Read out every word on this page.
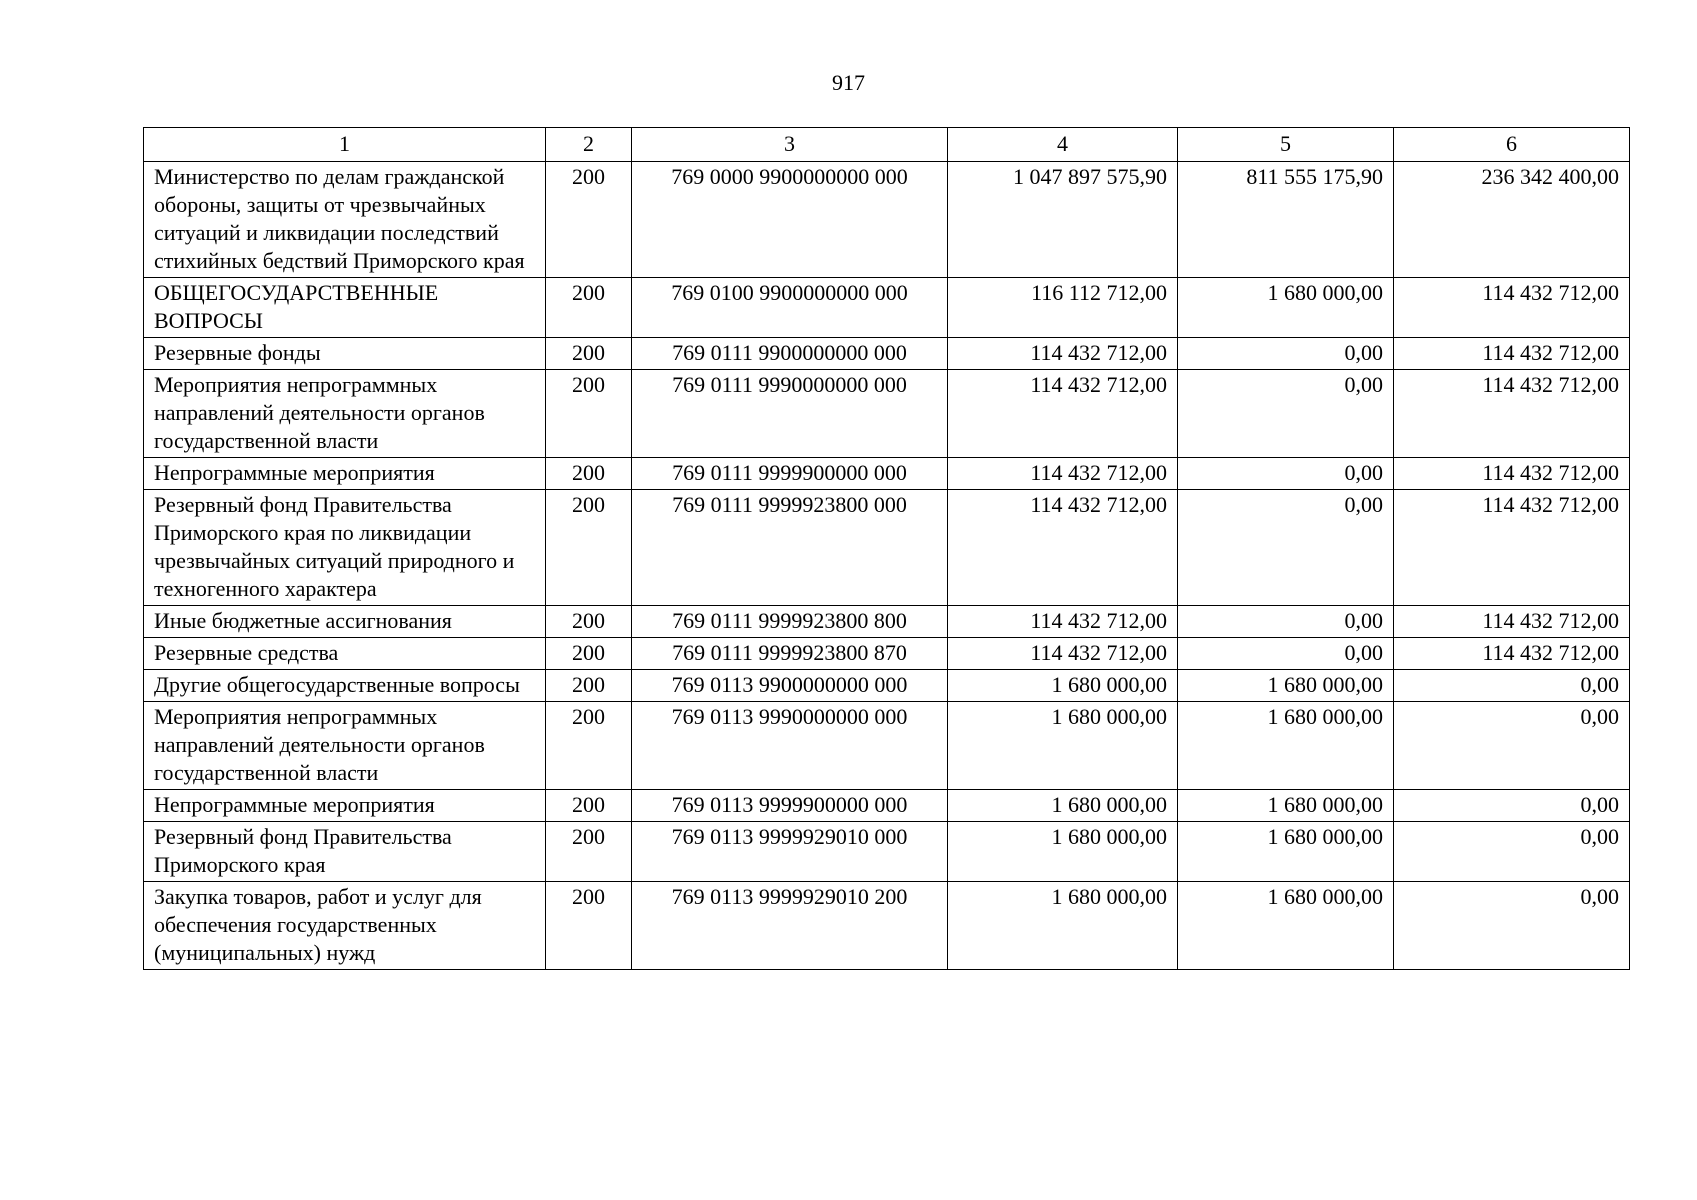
917
1	2	3	4	5	6
Министерство по делам гражданской обороны, защиты от чрезвычайных ситуаций и ликвидации последствий стихийных бедствий Приморского края	200	769 0000 9900000000 000	1 047 897 575,90	811 555 175,90	236 342 400,00
ОБЩЕГОСУДАРСТВЕННЫЕ ВОПРОСЫ	200	769 0100 9900000000 000	116 112 712,00	1 680 000,00	114 432 712,00
Резервные фонды	200	769 0111 9900000000 000	114 432 712,00	0,00	114 432 712,00
Мероприятия непрограммных направлений деятельности органов государственной власти	200	769 0111 9990000000 000	114 432 712,00	0,00	114 432 712,00
Непрограммные мероприятия	200	769 0111 9999900000 000	114 432 712,00	0,00	114 432 712,00
Резервный фонд Правительства Приморского края по ликвидации чрезвычайных ситуаций природного и техногенного характера	200	769 0111 9999923800 000	114 432 712,00	0,00	114 432 712,00
Иные бюджетные ассигнования	200	769 0111 9999923800 800	114 432 712,00	0,00	114 432 712,00
Резервные средства	200	769 0111 9999923800 870	114 432 712,00	0,00	114 432 712,00
Другие общегосударственные вопросы	200	769 0113 9900000000 000	1 680 000,00	1 680 000,00	0,00
Мероприятия непрограммных направлений деятельности органов государственной власти	200	769 0113 9990000000 000	1 680 000,00	1 680 000,00	0,00
Непрограммные мероприятия	200	769 0113 9999900000 000	1 680 000,00	1 680 000,00	0,00
Резервный фонд Правительства Приморского края	200	769 0113 9999929010 000	1 680 000,00	1 680 000,00	0,00
Закупка товаров, работ и услуг для обеспечения государственных (муниципальных) нужд	200	769 0113 9999929010 200	1 680 000,00	1 680 000,00	0,00
